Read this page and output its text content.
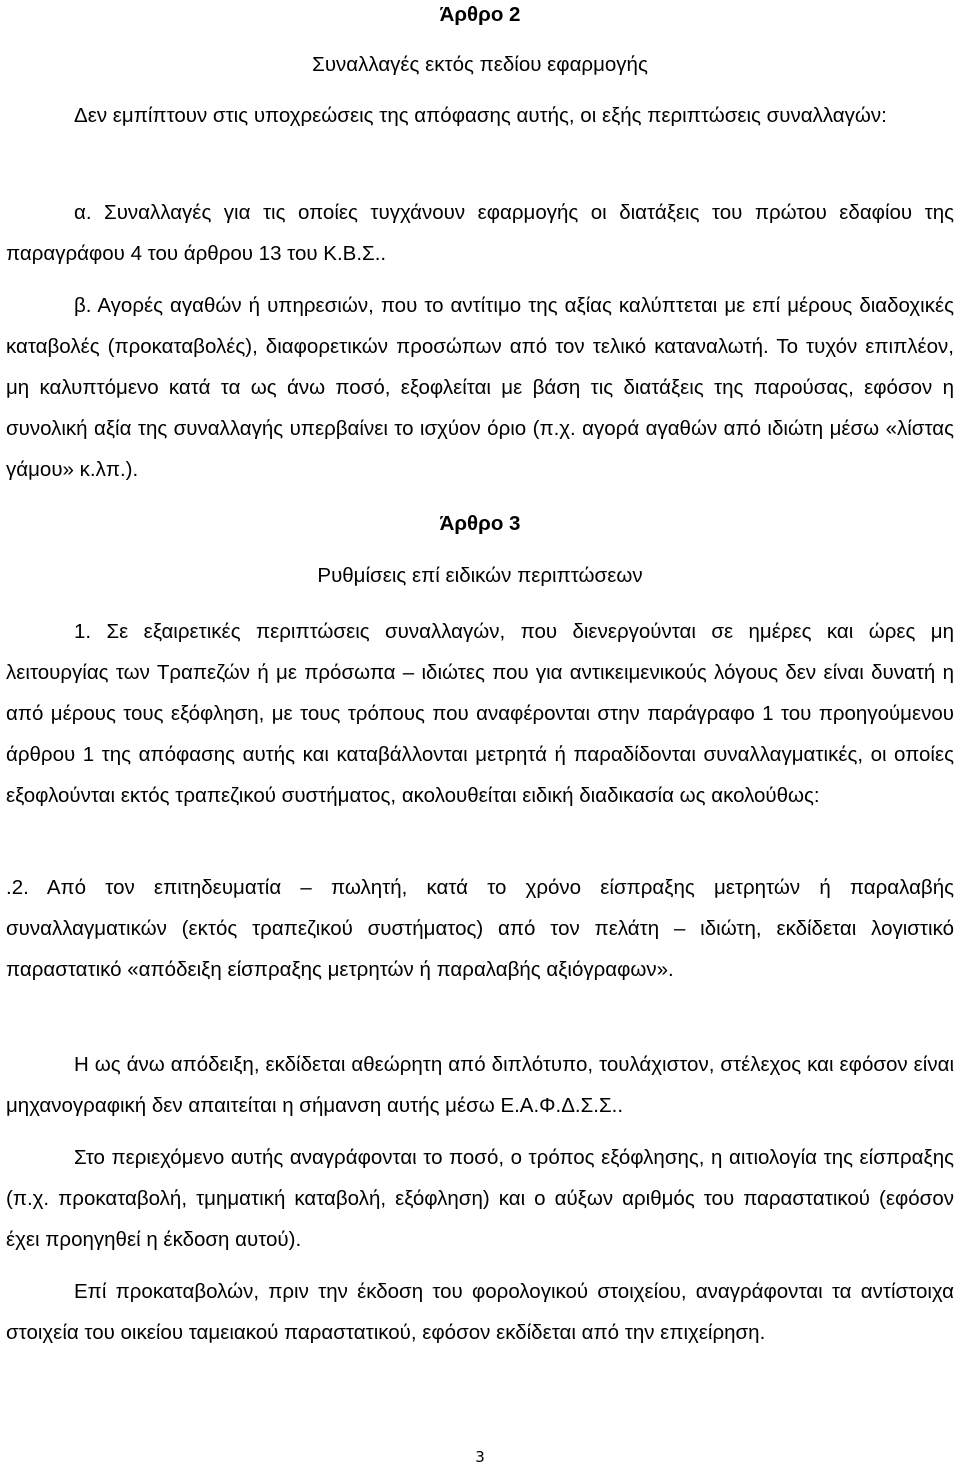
Άρθρο 2
Συναλλαγές εκτός πεδίου εφαρμογής

Δεν εμπίπτουν στις υποχρεώσεις της απόφασης αυτής, οι εξής περιπτώσεις συναλλαγών:

α. Συναλλαγές για τις οποίες τυγχάνουν εφαρμογής οι διατάξεις του πρώτου εδαφίου της παραγράφου 4 του άρθρου 13 του Κ.Β.Σ..

β. Αγορές αγαθών ή υπηρεσιών, που το αντίτιμο της αξίας καλύπτεται με επί μέρους διαδοχικές καταβολές (προκαταβολές), διαφορετικών προσώπων από τον τελικό καταναλωτή. Το τυχόν επιπλέον, μη καλυπτόμενο κατά τα ως άνω ποσό, εξοφλείται με βάση τις διατάξεις της παρούσας, εφόσον η συνολική αξία της συναλλαγής υπερβαίνει το ισχύον όριο (π.χ. αγορά αγαθών από ιδιώτη μέσω «λίστας γάμου» κ.λπ.).

Άρθρο 3
Ρυθμίσεις επί ειδικών περιπτώσεων

1. Σε εξαιρετικές περιπτώσεις συναλλαγών, που διενεργούνται σε ημέρες και ώρες μη λειτουργίας των Τραπεζών ή με πρόσωπα – ιδιώτες που για αντικειμενικούς λόγους δεν είναι δυνατή η από μέρους τους εξόφληση, με τους τρόπους που αναφέρονται στην παράγραφο 1 του προηγούμενου άρθρου 1 της απόφασης αυτής και καταβάλλονται μετρητά ή παραδίδονται συναλλαγματικές, οι οποίες εξοφλούνται εκτός τραπεζικού συστήματος, ακολουθείται ειδική διαδικασία ως ακολούθως:

.2. Από τον επιτηδευματία – πωλητή, κατά το χρόνο είσπραξης μετρητών ή παραλαβής συναλλαγματικών (εκτός τραπεζικού συστήματος) από τον πελάτη – ιδιώτη, εκδίδεται λογιστικό παραστατικό «απόδειξη είσπραξης μετρητών ή παραλαβής αξιόγραφων».

Η ως άνω απόδειξη, εκδίδεται αθεώρητη από διπλότυπο, τουλάχιστον, στέλεχος και εφόσον είναι μηχανογραφική δεν απαιτείται η σήμανση αυτής μέσω Ε.Α.Φ.Δ.Σ.Σ..

Στο περιεχόμενο αυτής αναγράφονται το ποσό, ο τρόπος εξόφλησης, η αιτιολογία της είσπραξης (π.χ. προκαταβολή, τμηματική καταβολή, εξόφληση) και ο αύξων αριθμός του παραστατικού (εφόσον έχει προηγηθεί η έκδοση αυτού).

Επί προκαταβολών, πριν την έκδοση του φορολογικού στοιχείου, αναγράφονται τα αντίστοιχα στοιχεία του οικείου ταμειακού παραστατικού, εφόσον εκδίδεται από την επιχείρηση.

3
